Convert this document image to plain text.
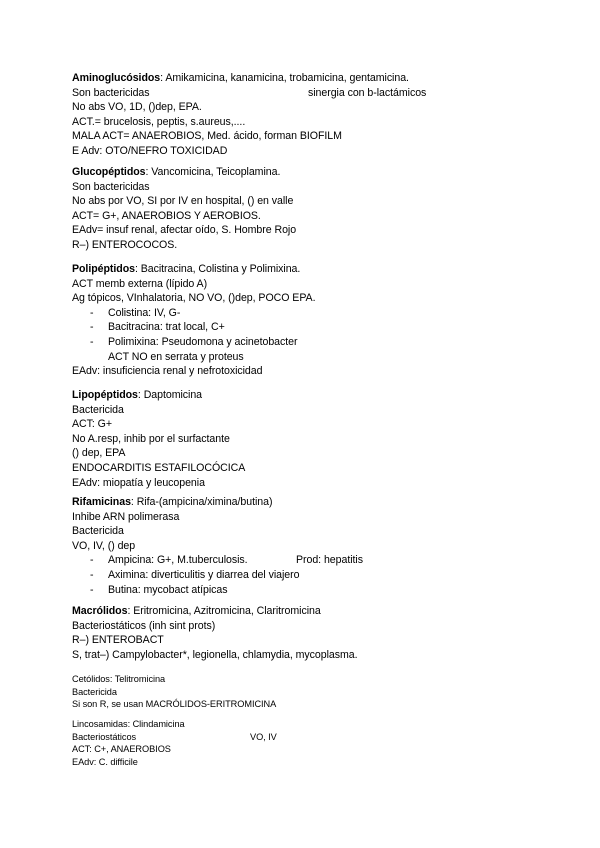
Aminoglucósidos: Amikamicina, kanamicina, trobamicina, gentamicina.
Son bactericidas	sinergia con b-lactámicos
No abs VO, 1D, ()dep, EPA.
ACT.= brucelosis, peptis, s.aureus,....
MALA ACT= ANAEROBIOS, Med. ácido, forman BIOFILM
E Adv: OTO/NEFRO TOXICIDAD
Glucopéptidos: Vancomicina, Teicoplamina.
Son bactericidas
No abs por VO, SI por IV en hospital, () en valle
ACT= G+, ANAEROBIOS Y AEROBIOS.
EAdv= insuf renal, afectar oído, S. Hombre Rojo
R–) ENTEROCOCOS.
Polipéptidos: Bacitracina, Colistina y Polimixina.
ACT memb externa (lípido A)
Ag tópicos, VInhalatoria, NO VO, ()dep, POCO EPA.
- Colistina: IV, G-
- Bacitracina: trat local, C+
- Polimixina: Pseudomona y acinetobacter
ACT NO en serrata y proteus
EAdv: insuficiencia renal y nefrotoxicidad
Lipopéptidos: Daptomicina
Bactericida
ACT: G+
No A.resp, inhib por el surfactante
() dep, EPA
ENDOCARDITIS ESTAFILOCÓCICA
EAdv: miopatía y leucopenia
Rifamicinas: Rifa-(ampicina/ximina/butina)
Inhibe ARN polimerasa
Bactericida
VO, IV, () dep
- Ampicina: G+, M.tuberculosis.	Prod: hepatitis
- Aximina: diverticulitis y diarrea del viajero
- Butina: mycobact atípicas
Macrólidos: Eritromicina, Azitromicina, Claritromicina
Bacteriostáticos (inh sint prots)
R–) ENTEROBACT
S, trat–) Campylobacter*, legionella, chlamydia, mycoplasma.
Cetólidos: Telitromicina
Bactericida
Si son R, se usan MACRÓLIDOS-ERITROMICINA
Lincosamidas: Clindamicina
Bacteriostáticos	VO, IV
ACT: C+, ANAEROBIOS
EAdv: C. difficile
